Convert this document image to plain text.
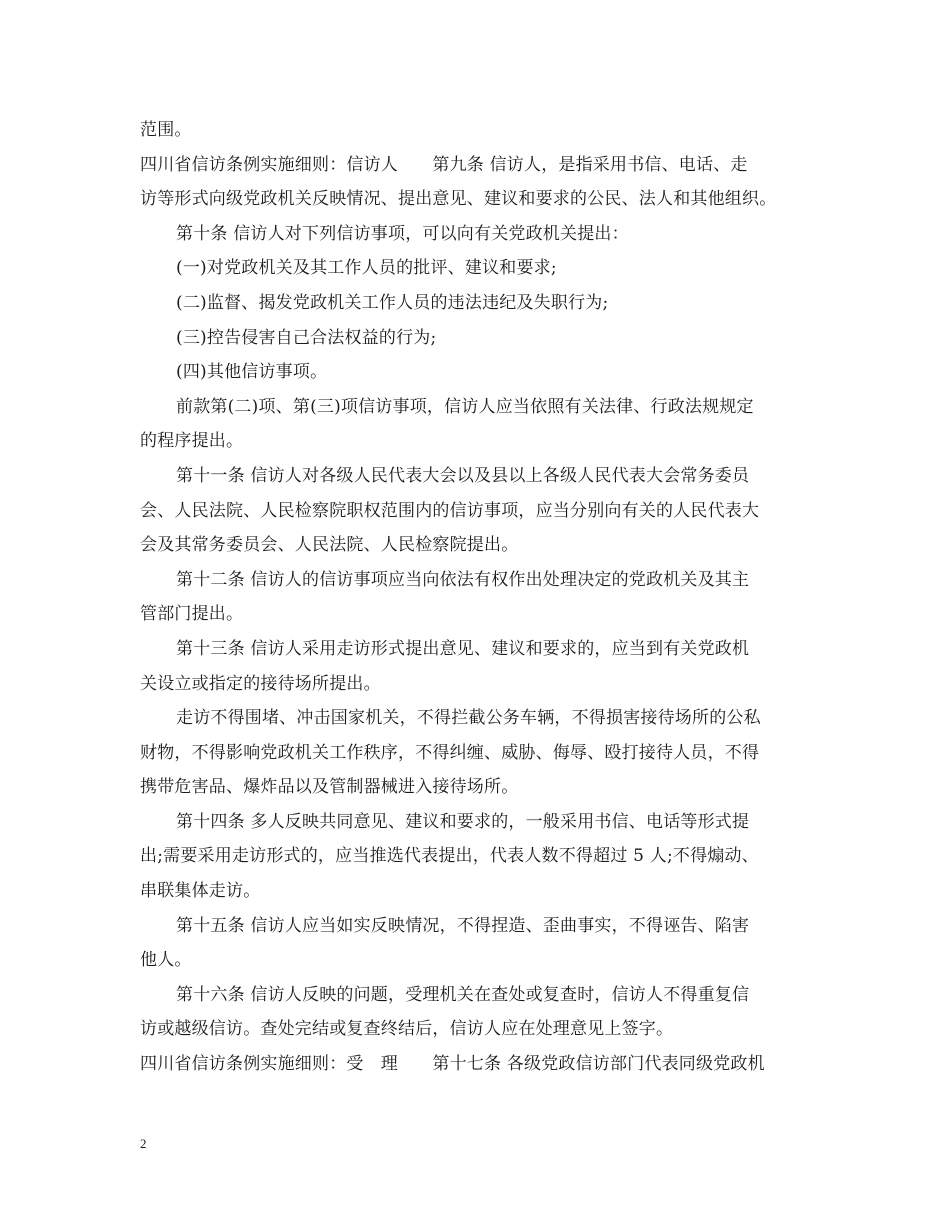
范围。
四川省信访条例实施细则：信访人　　第九条 信访人，是指采用书信、电话、走
访等形式向级党政机关反映情况、提出意见、建议和要求的公民、法人和其他组织。
第十条 信访人对下列信访事项，可以向有关党政机关提出：
(一)对党政机关及其工作人员的批评、建议和要求;
(二)监督、揭发党政机关工作人员的违法违纪及失职行为;
(三)控告侵害自己合法权益的行为;
(四)其他信访事项。
前款第(二)项、第(三)项信访事项，信访人应当依照有关法律、行政法规规定
的程序提出。
第十一条 信访人对各级人民代表大会以及县以上各级人民代表大会常务委员
会、人民法院、人民检察院职权范围内的信访事项，应当分别向有关的人民代表大
会及其常务委员会、人民法院、人民检察院提出。
第十二条 信访人的信访事项应当向依法有权作出处理决定的党政机关及其主
管部门提出。
第十三条 信访人采用走访形式提出意见、建议和要求的，应当到有关党政机
关设立或指定的接待场所提出。
走访不得围堵、冲击国家机关，不得拦截公务车辆，不得损害接待场所的公私
财物，不得影响党政机关工作秩序，不得纠缠、威胁、侮辱、殴打接待人员，不得
携带危害品、爆炸品以及管制器械进入接待场所。
第十四条 多人反映共同意见、建议和要求的，一般采用书信、电话等形式提
出;需要采用走访形式的，应当推选代表提出，代表人数不得超过 5 人;不得煽动、
串联集体走访。
第十五条 信访人应当如实反映情况，不得捏造、歪曲事实，不得诬告、陷害
他人。
第十六条 信访人反映的问题，受理机关在查处或复查时，信访人不得重复信
访或越级信访。查处完结或复查终结后，信访人应在处理意见上签字。
四川省信访条例实施细则：受　理　　第十七条 各级党政信访部门代表同级党政机
2
